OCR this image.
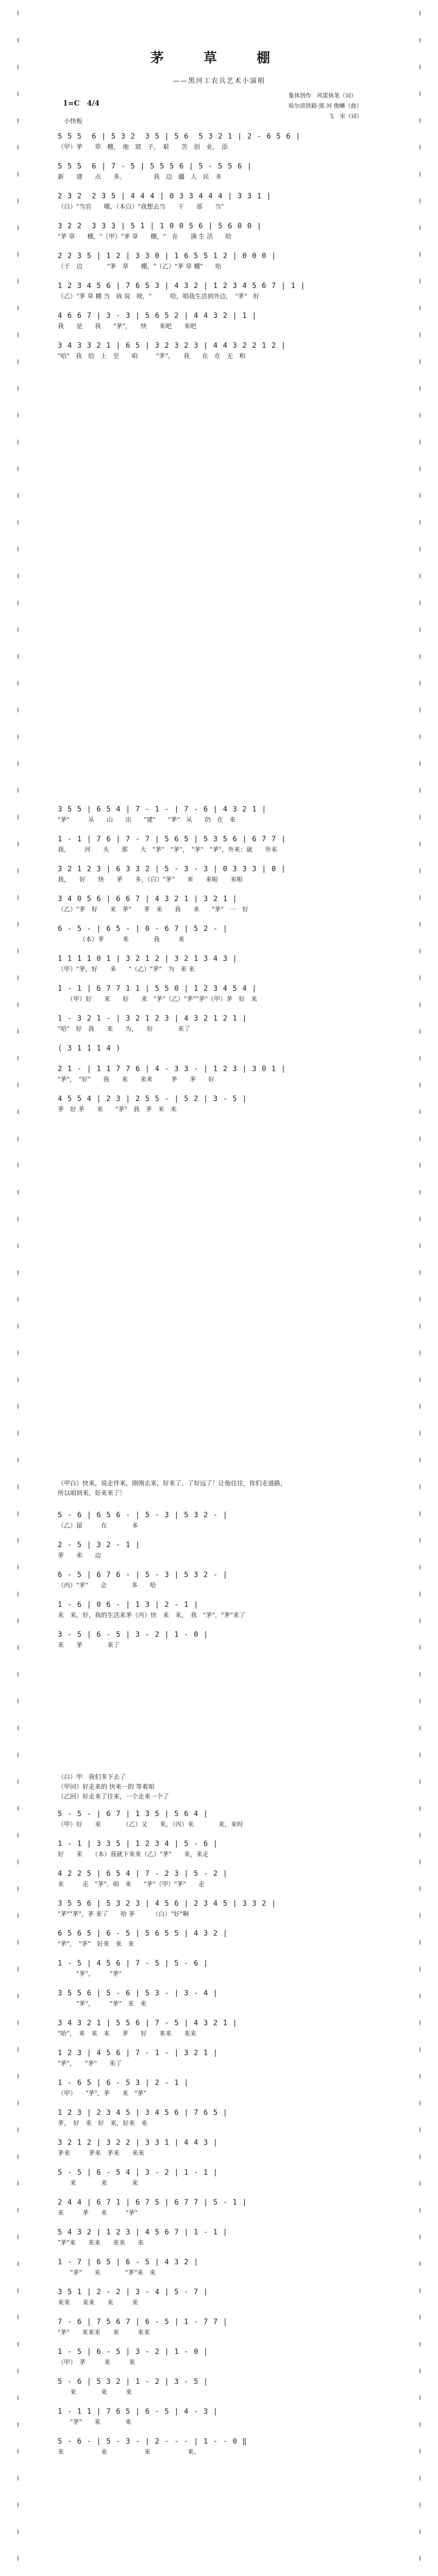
茅 草 棚
——黑河工农兵艺术小演唱
集体创作　风雷执笔（词）
哈尔滨铁路·黑 河 俊鳞（曲）
　　　　　　　飞　宋（词）
1=C　4/4
小快板
5 5 5  6 | 5 3 2  3 5 | 5 6  5 3 2 1 | 2 - 6 5 6 |
（甲）茅　　草　棚，　地　窝　子，　艰　　苦　创　业，　添
5 5 5  6 | 7 - 5 | 5 5 5 6 | 5 - 5 5 6 |
新　　建　　点　　多。　　　　　我　边　疆　人　民　多
2 3 2  2 3 5 | 4 4 4 | 0 3 3 4 4 4 | 3 3 1 |
（白）"当官　　哪，（本白）"我想去当　　干　　部　　当"
3 2 2  3 3 3 | 5 1 | 1 0 0 5 6 | 5 6 0 0 |
"茅 草　　棚，"（甲）"茅 草　　棚，"　在　　满 生 活　　哈
2 2 3 5 | 1 2 | 3 3 0 | 1 6 5 5 1 2 | 0 0 0 |
（于　边　　　　"茅　草　　棚，"（乙）"茅 草 棚"　　哈
1 2 3 4 5 6 | 7 6 5 3 | 4 3 2 | 1 2 3 4 5 6 7 | 1 |
（乙）"茅 草 棚 当　我 说　啥，"　　　哈，唱我生活到外边，　"茅"　好
4 6 6 7 | 3 - 3 | 5 6 5 2 | 4 4 3 2 | 1 |
我　　是　　我　　"茅"，　　快　　来吧　　来吧
3 4 3 3 2 1 | 6 5 | 3 2 3 2 3 | 4 4 3 2 2 1 2 |
"哈"　我　给　上　至　　咱　　　"茅"，　　我　　在　在　无　和
3 5 5 | 6 5 4 | 7 - 1 - | 7 - 6 | 4 3 2 1 |
"茅"　　　从　　山　　出　　"建"　　"茅"　从　　仍　在　来
1 - 1 | 7 6 | 7 - 7 | 5 6 5 | 5 3 5 6 | 6 7 7 |
我,　　　河　　头　　那　　大　"茅"　"茅"，　"茅"　"茅"，外来：就　　外来
3 2 1 2 3 | 6 3 3 2 | 5 - 3 - 3 | 0 3 3 3 | 0 |
我，　　好　　快　　茅　　多，（白）"茅"　　来　　来啦　　来啦
3 4 0 5 6 | 6 6 7 | 4 3 2 1 | 3 2 1 |
（乙）"茅　好　　来　茅"　　茅　来　　我　　来　　"茅"　一　好
6 - 5 - | 6 5 - | 0 - 6 7 | 5 2 - |
　　　　（本）茅　　　来　　　　我　　　来
1 1 1 1 0 1 | 3 2 1 2 | 3 2 1 3 4 3 |
（甲）"茅，好　　来　　"（乙）"茅"　为　来 来
1 - 1 | 6 7 7 1 1 | 5 5 0 | 1 2 3 4 5 4 |
　　（甲）好　　来　　好　　来　"茅"（乙）"茅""茅"（甲）茅　好　来
1 - 3 2 1 - | 3 2 1 2 3 | 4 3 2 1 2 1 |
"哈"　好　我　　来　　为，　　好　　　　来了
( 3 1 1 1 4 )
2 1 - | 1 1 7 7 6 | 4 - 3 3 - | 1 2 3 | 3 0 1 |
"茅"，　"好"　　我　　来　　来来　　　茅　　茅　　好
4 5 5 4 | 2 3 | 2 5 5 - | 5 2 | 3 - 5 |
茅　好 茅　　来　　"茅"　我　茅　来　来

（甲白）快来，说走伴来，刚刚去来，好来了，了好远了！让他往往，你们走道路，

所以咱到来，好来来了！

5 - 6 | 6 5 6 - | 5 - 3 | 5 3 2 - |
（乙）留　　　在　　　　多　　
2 - 5 | 3 2 - 1 |
茅　　来　　边
6 - 5 | 6 7 6 - | 5 - 3 | 5 3 2 - |
（丙）"茅"　　会　　　　多　　哈　　
1 - 6 | 0 6 - | 1 3 | 2 - 1 |
来　来，好，我的生活来茅（丙）快　来　来，　我　"茅"，"茅"来了
3 - 5 | 6 - 5 | 3 - 2 | 1 - 0 |
来　　茅　　　　来了

（白）甲　我们多下去了

（甲问）好走来的 快来一的 等着咱

（乙回）好走来了往来，一个走来一个了

5 - 5 - | 6 7 | 1 3 5 | 5 6 4 |
（甲）好　　来　　　　（乙）又　　来，（丙）来　　　　来，来时
1 - 1 | 3 3 5 | 1 2 3 4 | 5 - 6 |
好　　来　　（本）我就下来来（乙）"茅"　　来，来走
4 2 2 5 | 6 5 4 | 7 - 2 3 | 5 - 2 |
来　　　走　"茅"，咱　来　　"茅"（甲）"茅"　　走
3 5 5 6 | 5 3 2 3 | 4 5 6 | 2 3 4 5 | 3 3 2 |
"茅""茅"，茅 来了　　哈 茅 　　　（白）"好"啊
6 5 6 5 | 6 - 5 | 5 6 5 5 | 4 3 2 |
"茅"，　"茅"　好来　来　来
1 - 5 | 4 5 6 | 7 - 5 | 5 - 6 |
　　　"茅"，　　　"茅"
3 5 5 6 | 5 - 6 | 5 3 - | 3 - 4 |
　　　"茅"，　　　"茅"　来　来
3 4 3 2 1 | 5 5 6 | 7 - 5 | 4 3 2 1 |
"哈"，　来　来　来　　茅　　好　　来来　　来来
1 2 3 | 4 5 6 | 7 - 1 - | 3 2 1 |
"茅"，　　"茅"　　来了
1 - 6 5 | 6 - 5 3 | 2 - 1 |
（甲）　　"茅"，茅　　来　"茅"
1 2 3 | 2 3 4 5 | 3 4 5 6 | 7 6 5 |
茅，　好　来　好　来，好来　来
3 2 1 2 | 3 2 2 | 3 3 1 | 4 4 3 |
茅来　　　茅来　茅来　　来来
5 - 5 | 6 - 5 4 | 3 - 2 | 1 - 1 |
　　来　　　　来　　　　来
2 4 4 | 6 7 1 | 6 7 5 | 6 7 7 | 5 - 1 |
来　　　茅　　来　　　"茅"
5 4 3 2 | 1 2 3 | 4 5 6 7 | 1 - 1 |
"茅"来　　来来　　来来　　来
1 - 7 | 6 5 | 6 - 5 | 4 3 2 |
　　"茅"　　来　　　　"茅"来　来
3 5 1 | 2 - 2 | 3 - 4 | 5 - 7 |
来来　　来来　　来　　　来
7 - 6 | 7 5 6 7 | 6 - 5 | 1 - 7 7 |
"茅"　　来来来　　来　　　来来
1 - 5 | 6 - 5 | 3 - 2 | 1 - 0 |
（甲）　茅　　　来　　　来
5 - 6 | 5 3 2 | 1 - 2 | 3 - 5 |
　　来　　　　来　　　来
1 - 1 1 | 7 6 5 | 6 - 5 | 4 - 3 |
　　"茅"　　来　　　　来
5 - 6 - | 5 - 3 - | 2 - - - | 1 - - 0 ‖
来　　　　　　来　　　　　　来　　　　　　来。
